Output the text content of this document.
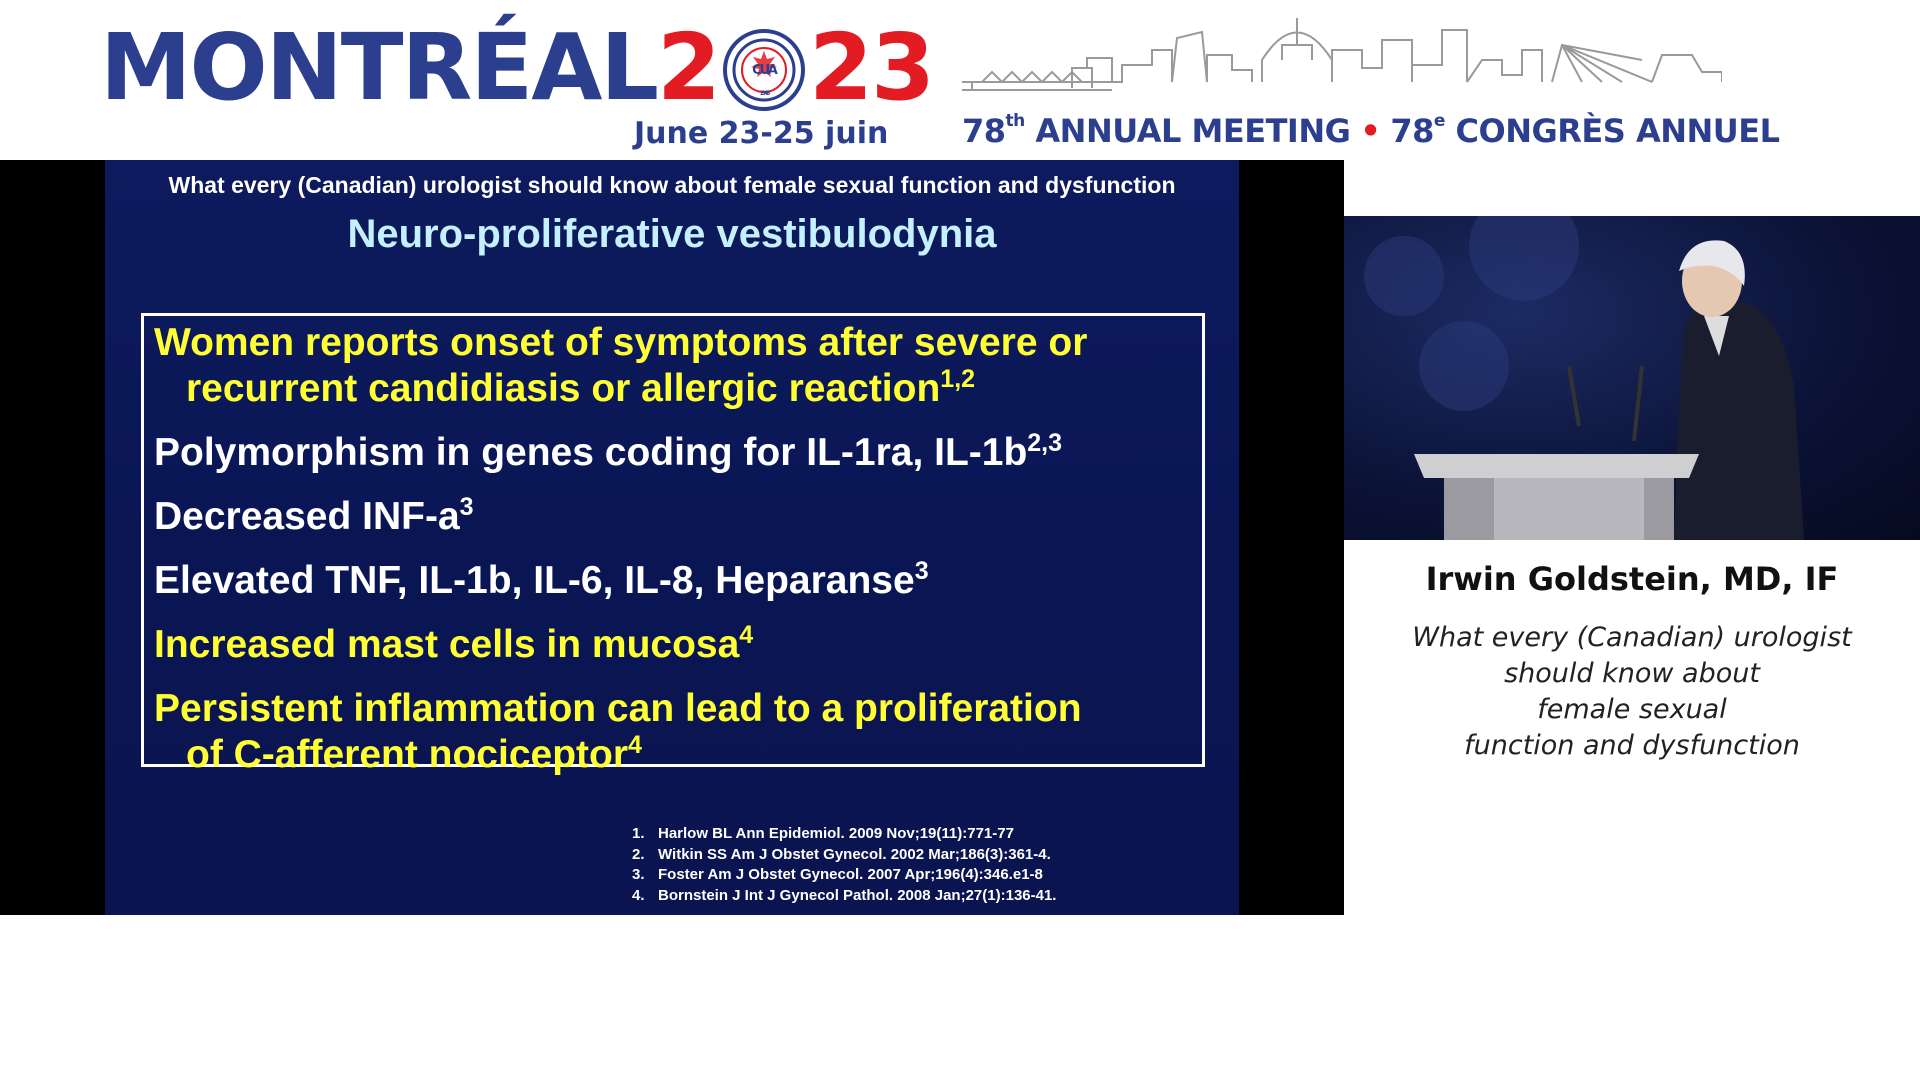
MONTRÉAL 2	CUA
1945 23
June 23-25 juin 78th ANNUAL MEETING • 78e CONGRÈS ANNUEL
What every (Canadian) urologist should know about female sexual function and dysfunction
Neuro-proliferative vestibulodynia
Women reports onset of symptoms after severe or
recurrent candidiasis or allergic reaction$^{1,2}$
Polymorphism in genes coding for IL-1ra, $IL-1b^{2,3}$
Decreased INF-$a^3$
Elevated TNF, IL-1b, IL-6, IL-8, Heparanse$^3$
Increased mast cells in mucosa$^4$
Persistent inflammation can lead to a proliferation
of C-afferent nociceptor$^4$
1. Harlow BL Ann Epidemiol. 2009 Nov;19(11):771-77
2. Witkin SS Am J Obstet Gynecol. 2002 Mar;186(3):361-4.
3. Foster Am J Obstet Gynecol. 2007 Apr;196(4):346.e1-8
4. Bornstein J Int J Gynecol Pathol. 2008 Jan;27(1):136-41.
Irwin Goldstein, MD, IF
What every (Canadian) urologist
should know about
female sexual
function and dysfunction
